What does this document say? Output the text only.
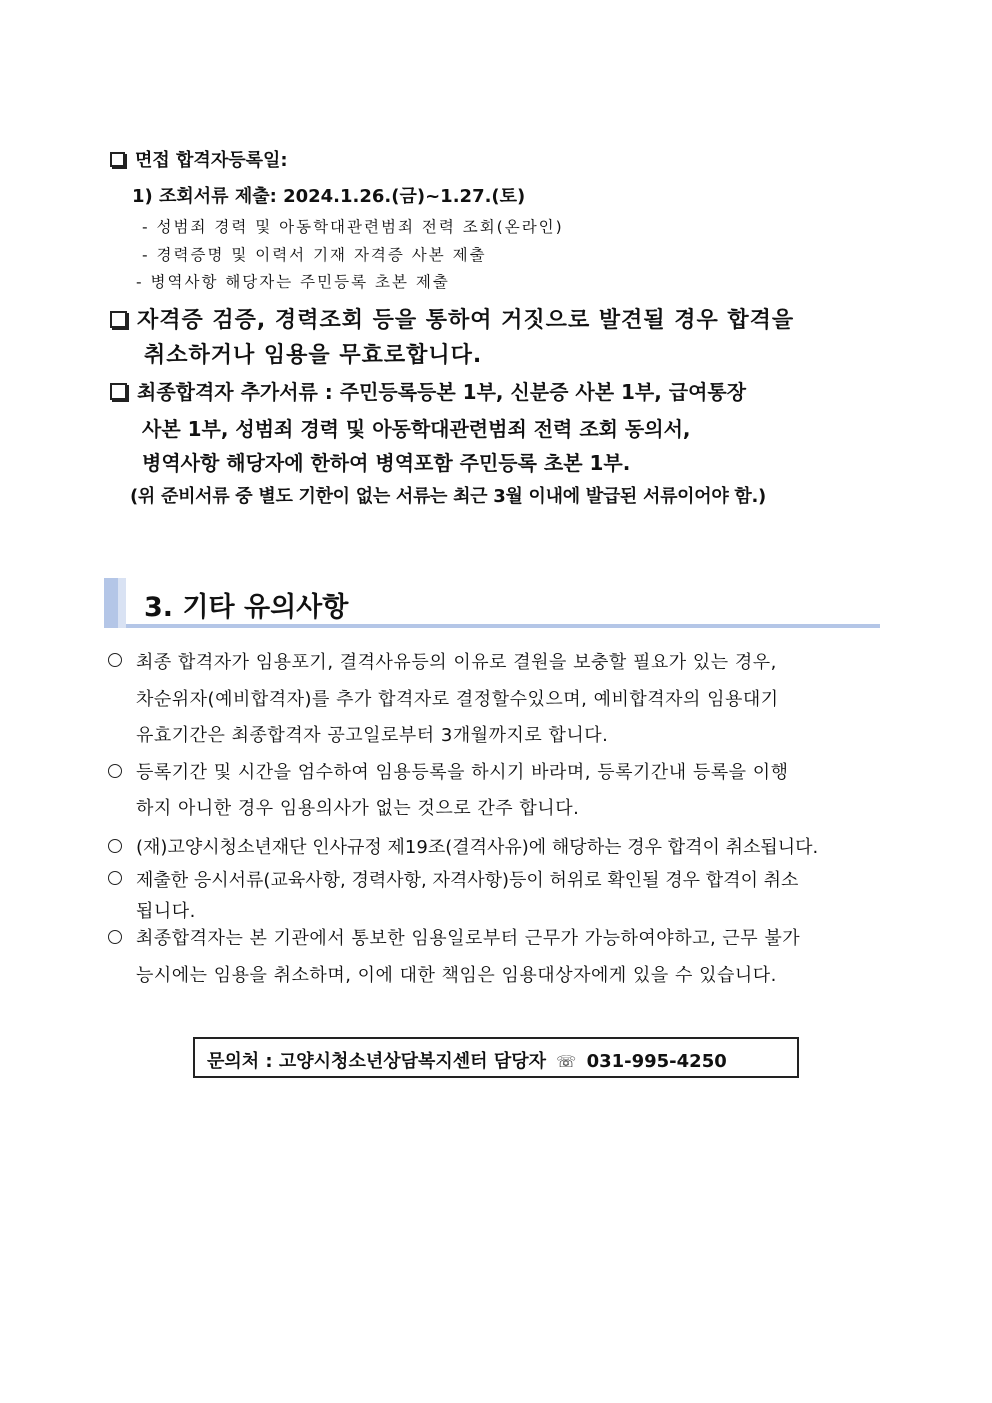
면접 합격자등록일:
1) 조회서류 제출: 2024.1.26.(금)~1.27.(토)
- 성범죄 경력 및 아동학대관련범죄 전력 조회(온라인)
- 경력증명 및 이력서 기재 자격증 사본 제출
- 병역사항 해당자는 주민등록 초본 제출
자격증 검증, 경력조회 등을 통하여 거짓으로 발견될 경우 합격을
취소하거나 임용을 무효로합니다.
최종합격자 추가서류 : 주민등록등본 1부, 신분증 사본 1부, 급여통장
사본 1부, 성범죄 경력 및 아동학대관련범죄 전력 조회 동의서,
병역사항 해당자에 한하여 병역포함 주민등록 초본 1부.
(위 준비서류 중 별도 기한이 없는 서류는 최근 3월 이내에 발급된 서류이어야 함.)
3. 기타 유의사항
최종 합격자가 임용포기, 결격사유등의 이유로 결원을 보충할 필요가 있는 경우,
차순위자(예비합격자)를 추가 합격자로 결정할수있으며, 예비합격자의 임용대기
유효기간은 최종합격자 공고일로부터 3개월까지로 합니다.
등록기간 및 시간을 엄수하여 임용등록을 하시기 바라며, 등록기간내 등록을 이행
하지 아니한 경우 임용의사가 없는 것으로 간주 합니다.
(재)고양시청소년재단 인사규정 제19조(결격사유)에 해당하는 경우 합격이 취소됩니다.
제출한 응시서류(교육사항, 경력사항, 자격사항)등이 허위로 확인될 경우 합격이 취소
됩니다.
최종합격자는 본 기관에서 통보한 임용일로부터 근무가 가능하여야하고, 근무 불가
능시에는 임용을 취소하며, 이에 대한 책임은 임용대상자에게 있을 수 있습니다.
문의처 : 고양시청소년상담복지센터 담당자 ☏ 031-995-4250
